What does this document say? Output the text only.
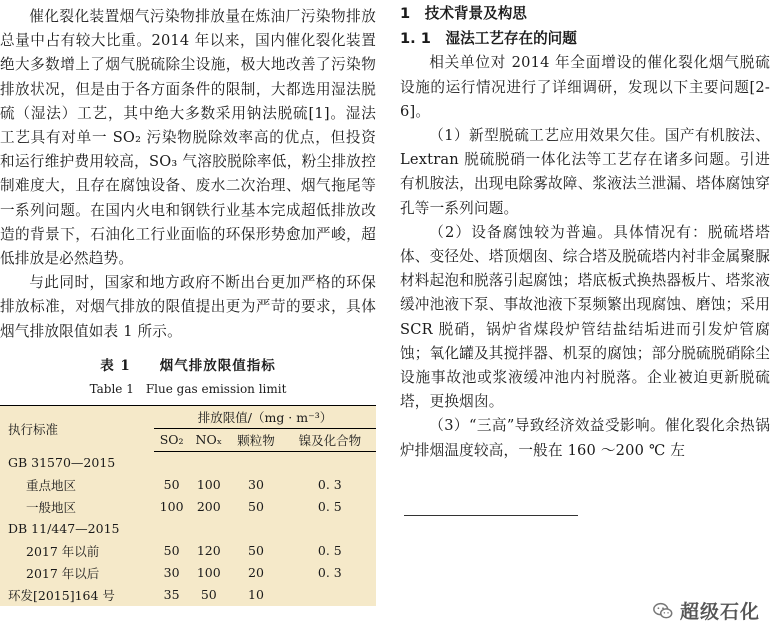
催化裂化装置烟气污染物排放量在炼油厂污染物排放总量中占有较大比重。2014 年以来，国内催化裂化装置绝大多数增上了烟气脱硫除尘设施，极大地改善了污染物排放状况，但是由于各方面条件的限制，大都选用湿法脱硫（湿法）工艺，其中绝大多数采用钠法脱硫[1]。湿法工艺具有对单一 SO₂ 污染物脱除效率高的优点，但投资和运行维护费用较高，SO₃ 气溶胶脱除率低，粉尘排放控制难度大，且存在腐蚀设备、废水二次治理、烟气拖尾等一系列问题。在国内火电和钢铁行业基本完成超低排放改造的背景下，石油化工行业面临的环保形势愈加严峻，超低排放是必然趋势。

与此同时，国家和地方政府不断出台更加严格的环保排放标准，对烟气排放的限值提出更为严苛的要求，具体烟气排放限值如表 1 所示。

表 1　　烟气排放限值指标
Table 1　Flue gas emission limit
执行标准	排放限值/（mg · m⁻³）			
	SO₂	NOₓ	颗粒物	镍及化合物
GB 31570—2015				
重点地区	50	100	30	0. 3
一般地区	100	200	50	0. 5
DB 11/447—2015				
2017 年以前	50	120	50	0. 5
2017 年以后	30	100	20	0. 3
环发[2015]164 号	35	50	10	

1　技术背景及构思

1. 1　湿法工艺存在的问题

相关单位对 2014 年全面增设的催化裂化烟气脱硫设施的运行情况进行了详细调研，发现以下主要问题[2-6]。

（1）新型脱硫工艺应用效果欠佳。国产有机胺法、Lextran 脱硫脱硝一体化法等工艺存在诸多问题。引进有机胺法，出现电除雾故障、浆液法兰泄漏、塔体腐蚀穿孔等一系列问题。

（2）设备腐蚀较为普遍。具体情况有：脱硫塔塔体、变径处、塔顶烟囱、综合塔及脱硫塔内衬非金属聚脲材料起泡和脱落引起腐蚀；塔底板式换热器板片、塔浆液缓冲池液下泵、事故池液下泵频繁出现腐蚀、磨蚀；采用 SCR 脱硝，锅炉省煤段炉管结盐结垢进而引发炉管腐蚀；氧化罐及其搅拌器、机泵的腐蚀；部分脱硫脱硝除尘设施事故池或浆液缓冲池内衬脱落。企业被迫更新脱硫塔，更换烟囱。

（3）“三高”导致经济效益受影响。催化裂化余热锅炉排烟温度较高，一般在 160 ～200 ℃ 左

超级石化
